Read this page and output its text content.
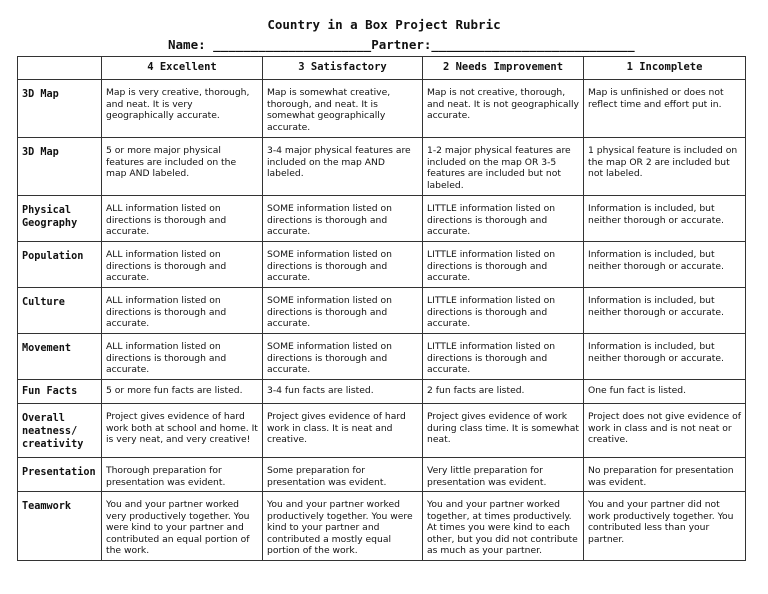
Country in a Box Project Rubric
Name: _____________________Partner:___________________________
	4 Excellent	3 Satisfactory	2 Needs Improvement	1 Incomplete
3D Map	Map is very creative, thorough, and neat. It is very geographically accurate.	Map is somewhat creative, thorough, and neat. It is somewhat geographically accurate.	Map is not creative, thorough, and neat. It is not geographically accurate.	Map is unfinished or does not reflect time and effort put in.
3D Map	5 or more major physical features are included on the map AND labeled.	3-4 major physical features are included on the map AND labeled.	1-2 major physical features are included on the map OR 3-5 features are included but not labeled.	1 physical feature is included on the map OR 2 are included but not labeled.
Physical Geography	ALL information listed on directions is thorough and accurate.	SOME information listed on directions is thorough and accurate.	LITTLE information listed on directions is thorough and accurate.	Information is included, but neither thorough or accurate.
Population	ALL information listed on directions is thorough and accurate.	SOME information listed on directions is thorough and accurate.	LITTLE information listed on directions is thorough and accurate.	Information is included, but neither thorough or accurate.
Culture	ALL information listed on directions is thorough and accurate.	SOME information listed on directions is thorough and accurate.	LITTLE information listed on directions is thorough and accurate.	Information is included, but neither thorough or accurate.
Movement	ALL information listed on directions is thorough and accurate.	SOME information listed on directions is thorough and accurate.	LITTLE information listed on directions is thorough and accurate.	Information is included, but neither thorough or accurate.
Fun Facts	5 or more fun facts are listed.	3-4 fun facts are listed.	2 fun facts are listed.	One fun fact is listed.
Overall neatness/ creativity	Project gives evidence of hard work both at school and home. It is very neat, and very creative!	Project gives evidence of hard work in class. It is neat and creative.	Project gives evidence of work during class time. It is somewhat neat.	Project does not give evidence of work in class and is not neat or creative.
Presentation	Thorough preparation for presentation was evident.	Some preparation for presentation was evident.	Very little preparation for presentation was evident.	No preparation for presentation was evident.
Teamwork	You and your partner worked very productively together. You were kind to your partner and contributed an equal portion of the work.	You and your partner worked productively together. You were kind to your partner and contributed a mostly equal portion of the work.	You and your partner worked together, at times productively. At times you were kind to each other, but you did not contribute as much as your partner.	You and your partner did not work productively together. You contributed less than your partner.
